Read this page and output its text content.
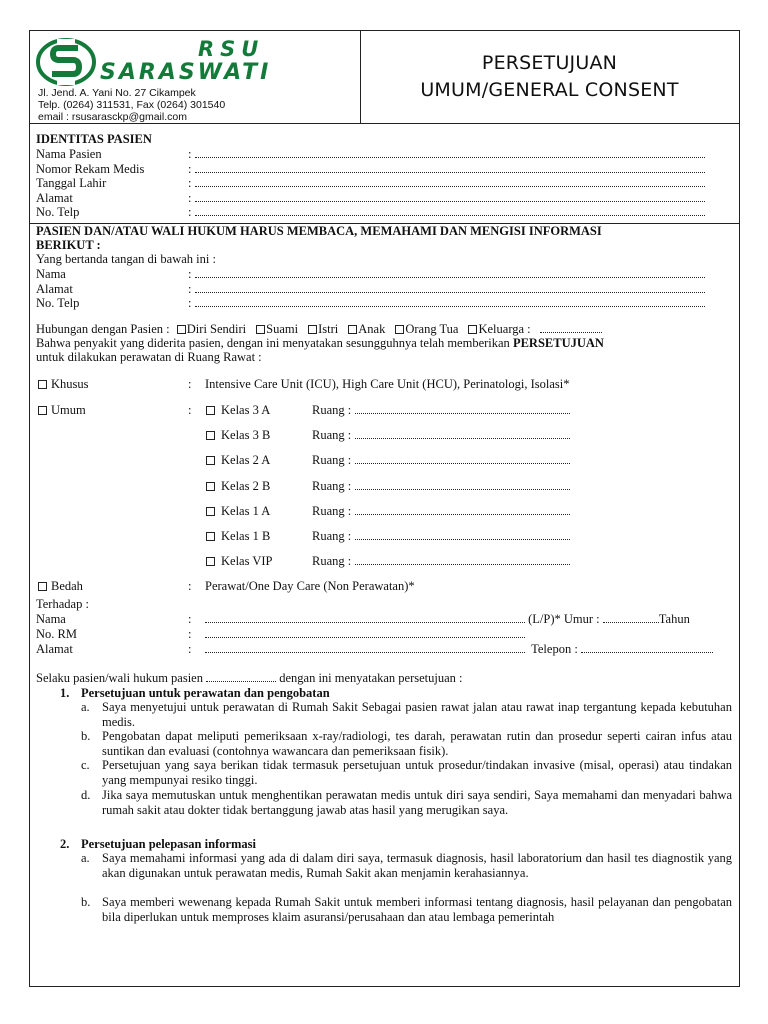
RSU
SARASWATI
Jl. Jend. A. Yani No. 27 Cikampek
Telp. (0264) 311531, Fax (0264) 301540
email : rsusarasckp@gmail.com
PERSETUJUAN
UMUM/GENERAL CONSENT
IDENTITAS PASIEN
Nama Pasien	:
Nomor Rekam Medis	:
Tanggal Lahir	:
Alamat	:
No. Telp	:
PASIEN DAN/ATAU WALI HUKUM HARUS MEMBACA, MEMAHAMI DAN MENGISI INFORMASI
BERIKUT :
Yang bertanda tangan di bawah ini :
Nama	:
Alamat	:
No. Telp	:
Hubungan dengan Pasien : Diri Sendiri Suami Istri Anak Orang Tua Keluarga :
Bahwa penyakit yang diderita pasien, dengan ini menyatakan sesungguhnya telah memberikan PERSETUJUAN
untuk dilakukan perawatan di Ruang Rawat :
Khusus	: Intensive Care Unit (ICU), High Care Unit (HCU), Perinatologi, Isolasi*
Umum	:	Kelas 3 A	Ruang :
Kelas 3 B	Ruang :
Kelas 2 A	Ruang :
Kelas 2 B	Ruang :
Kelas 1 A	Ruang :
Kelas 1 B	Ruang :
Kelas VIP	Ruang :
Bedah	: Perawat/One Day Care (Non Perawatan)*
Terhadap :
Nama	:	(L/P)* Umur :	Tahun
No. RM	:
Alamat	:	Telepon :
Selaku pasien/wali hukum pasien	dengan ini menyatakan persetujuan :
1. Persetujuan untuk perawatan dan pengobatan
a. Saya menyetujui untuk perawatan di Rumah Sakit Sebagai pasien rawat jalan atau rawat inap tergantung kepada kebutuhan medis.
b. Pengobatan dapat meliputi pemeriksaan x-ray/radiologi, tes darah, perawatan rutin dan prosedur seperti cairan infus atau suntikan dan evaluasi (contohnya wawancara dan pemeriksaan fisik).
c. Persetujuan yang saya berikan tidak termasuk persetujuan untuk prosedur/tindakan invasive (misal, operasi) atau tindakan yang mempunyai resiko tinggi.
d. Jika saya memutuskan untuk menghentikan perawatan medis untuk diri saya sendiri, Saya memahami dan menyadari bahwa rumah sakit atau dokter tidak bertanggung jawab atas hasil yang merugikan saya.
2. Persetujuan pelepasan informasi
a. Saya memahami informasi yang ada di dalam diri saya, termasuk diagnosis, hasil laboratorium dan hasil tes diagnostik yang akan digunakan untuk perawatan medis, Rumah Sakit akan menjamin kerahasiannya.
b. Saya memberi wewenang kepada Rumah Sakit untuk memberi informasi tentang diagnosis, hasil pelayanan dan pengobatan bila diperlukan untuk memproses klaim asuransi/perusahaan dan atau lembaga pemerintah
